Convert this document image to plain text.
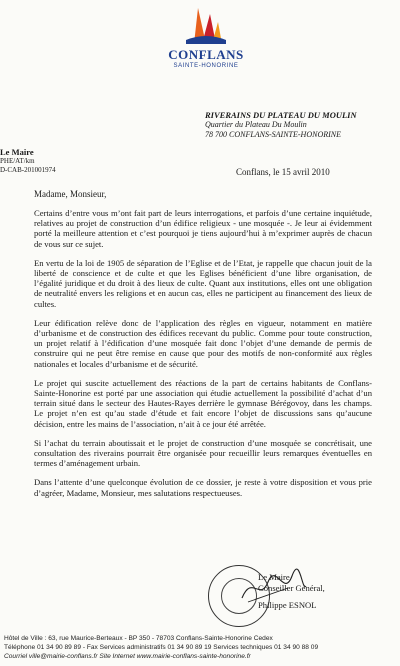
CONFLANS
SAINTE-HONORINE
RIVERAINS DU PLATEAU DU MOULIN
Quartier du Plateau Du Moulin
78 700 CONFLANS-SAINTE-HONORINE
Le Maire
PHE/AT/km
D-CAB-201001974	Conflans, le 15 avril 2010
Madame, Monsieur,

Certains d’entre vous m’ont fait part de leurs interrogations, et parfois d’une certaine inquiétude, relatives au projet de construction d’un édifice religieux - une mosquée -. Je leur ai évidemment porté la meilleure attention et c’est pourquoi je tiens aujourd’hui à m’exprimer auprès de chacun de vous sur ce sujet.

En vertu de la loi de 1905 de séparation de l’Eglise et de l’Etat, je rappelle que chacun jouit de la liberté de conscience et de culte et que les Eglises bénéficient d’une libre organisation, de l’égalité juridique et du droit à des lieux de culte. Quant aux institutions, elles ont une obligation de neutralité envers les religions et en aucun cas, elles ne participent au financement des lieux de cultes.

Leur édification relève donc de l’application des règles en vigueur, notamment en matière d’urbanisme et de construction des édifices recevant du public. Comme pour toute construction, un projet relatif à l’édification d’une mosquée fait donc l’objet d’une demande de permis de construire qui ne peut être remise en cause que pour des motifs de non-conformité aux règles nationales et locales d’urbanisme et de sécurité.

Le projet qui suscite actuellement des réactions de la part de certains habitants de Conflans-Sainte-Honorine est porté par une association qui étudie actuellement la possibilité d’achat d’un terrain situé dans le secteur des Hautes-Rayes derrière le gymnase Bérégovoy, dans les champs. Le projet n’en est qu’au stade d’étude et fait encore l’objet de discussions sans qu’aucune décision, entre les mains de l’association, n’ait à ce jour été arrêtée.

Si l’achat du terrain aboutissait et le projet de construction d’une mosquée se concrétisait, une consultation des riverains pourrait être organisée pour recueillir leurs remarques éventuelles en termes d’aménagement urbain.

Dans l’attente d’une quelconque évolution de ce dossier, je reste à votre disposition et vous prie d’agréer, Madame, Monsieur, mes salutations respectueuses.

Le Maire
Conseiller Général,
Philippe ESNOL
Hôtel de Ville : 63, rue Maurice-Berteaux - BP 350 - 78703 Conflans-Sainte-Honorine Cedex
Téléphone 01 34 90 89 89 - Fax Services administratifs 01 34 90 89 19 Services techniques 01 34 90 88 09
Courriel ville@mairie-conflans.fr Site Internet www.mairie-conflans-sainte-honorine.fr
